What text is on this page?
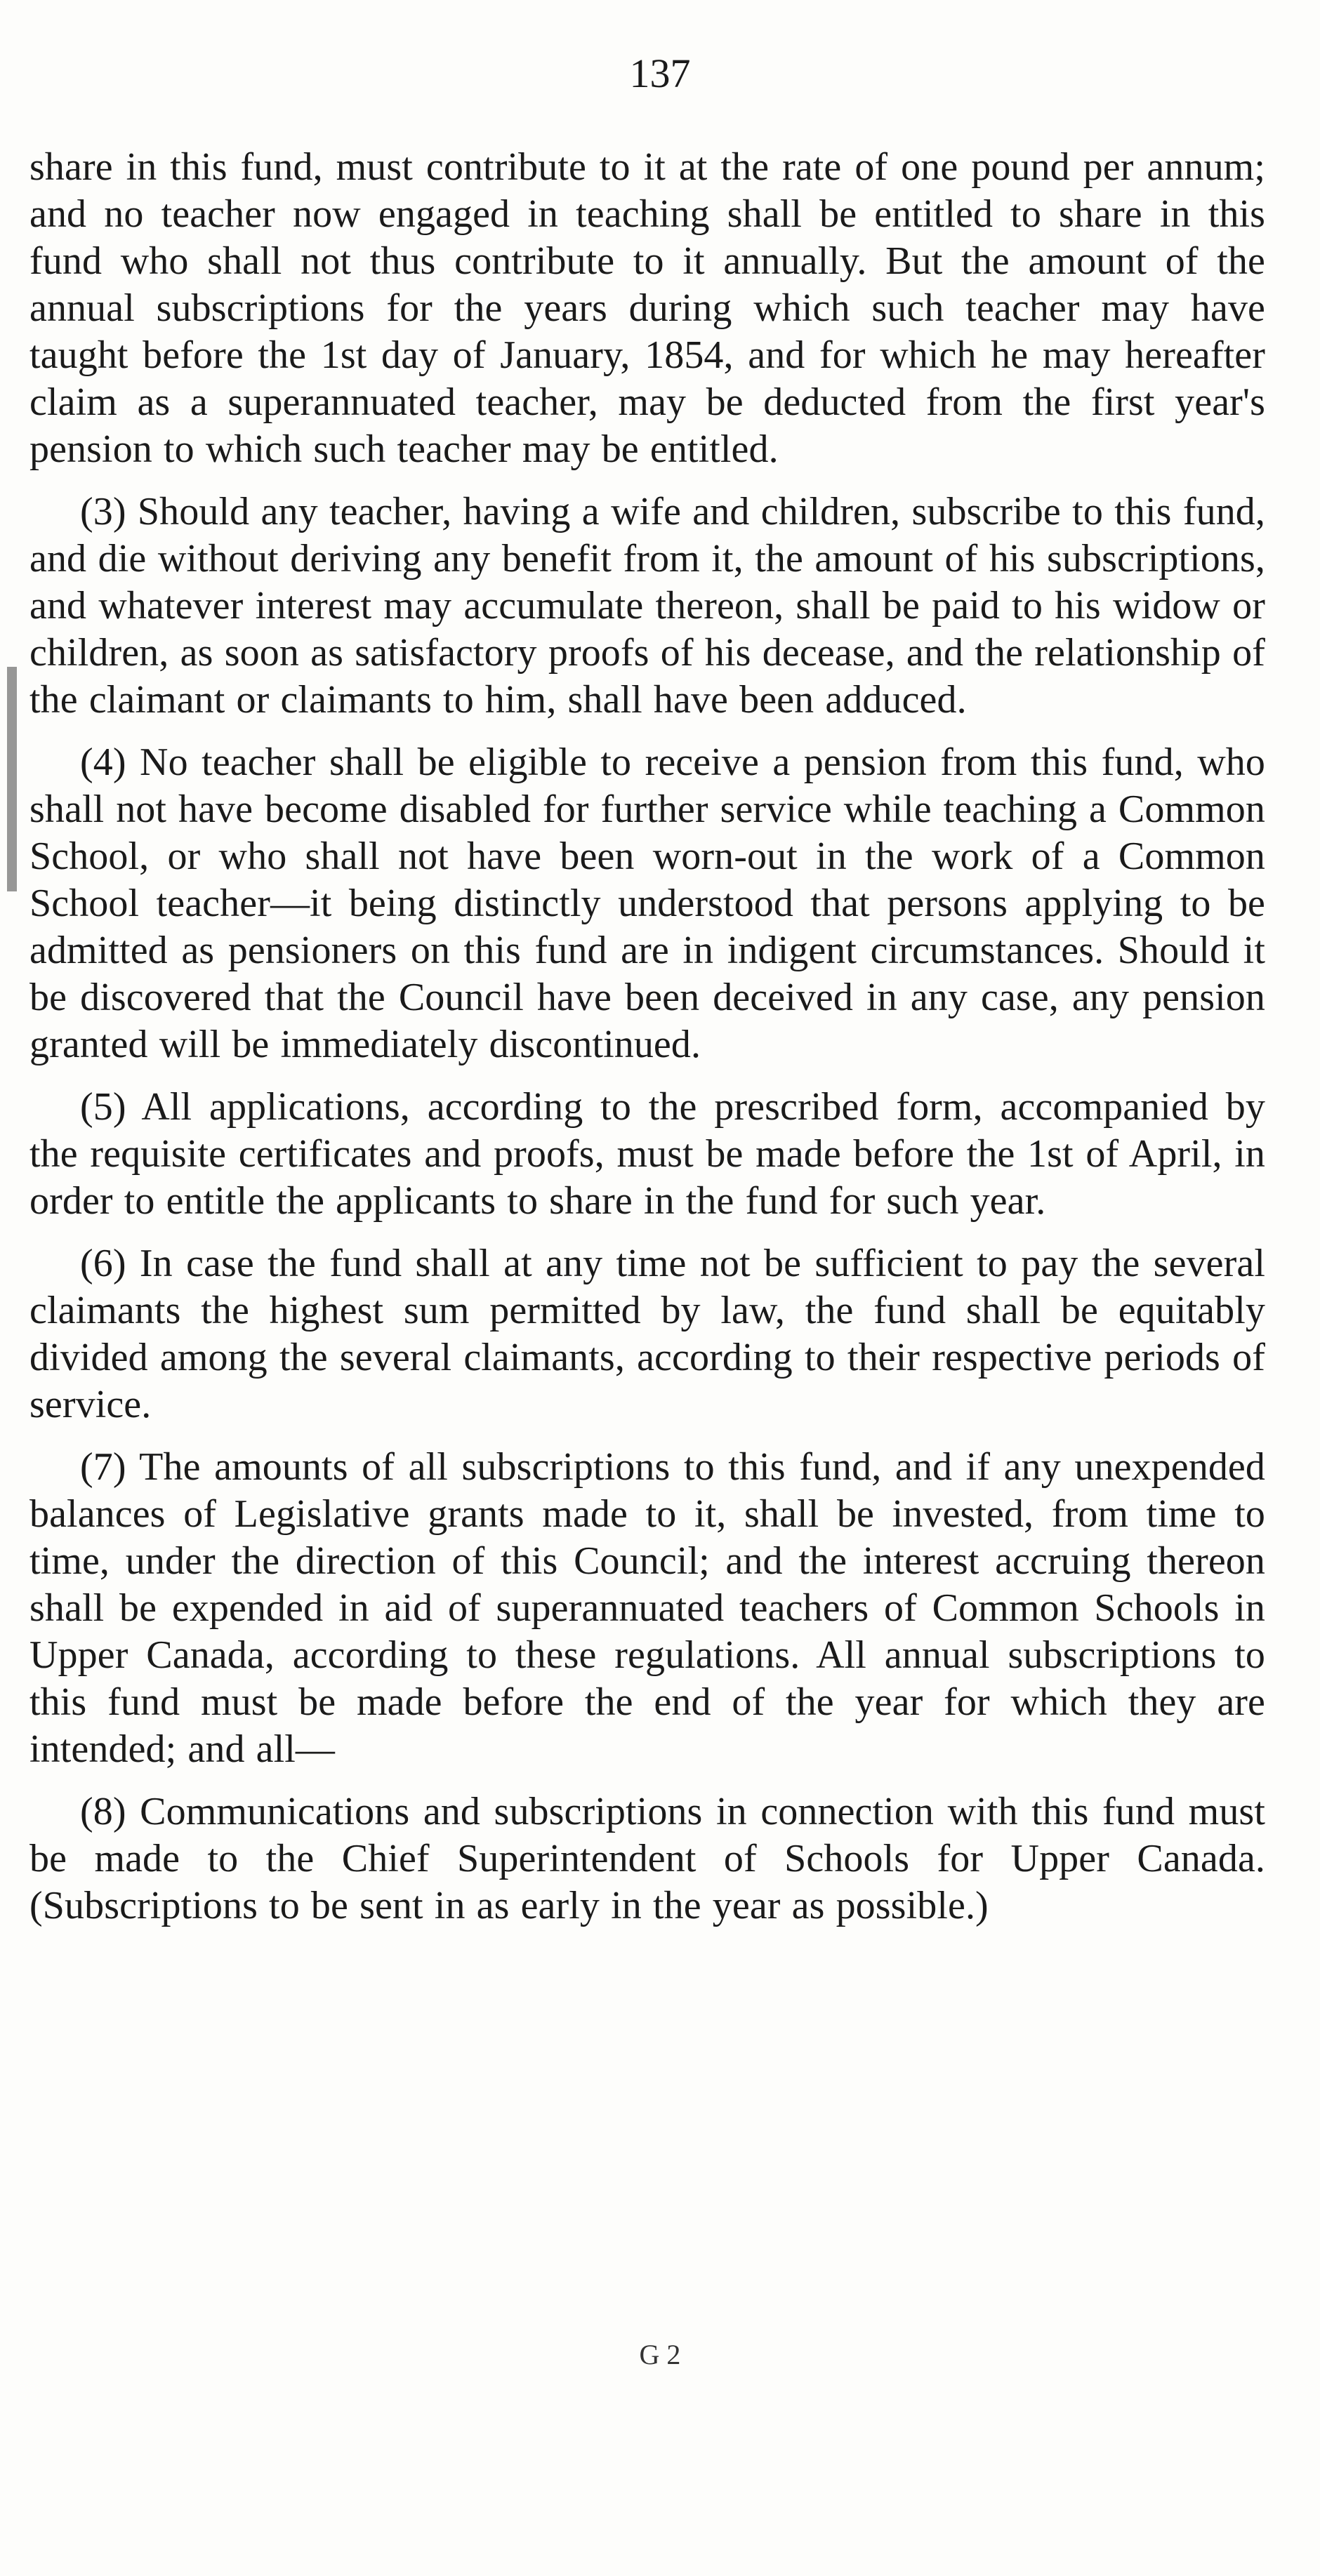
137

share in this fund, must contribute to it at the rate of one pound per annum; and no teacher now engaged in teaching shall be entitled to share in this fund who shall not thus contribute to it annually. But the amount of the annual subscriptions for the years during which such teacher may have taught before the 1st day of January, 1854, and for which he may hereafter claim as a superannuated teacher, may be deducted from the first year's pension to which such teacher may be entitled.

(3) Should any teacher, having a wife and children, subscribe to this fund, and die without deriving any benefit from it, the amount of his subscriptions, and whatever interest may accumulate thereon, shall be paid to his widow or children, as soon as satisfactory proofs of his decease, and the relationship of the claimant or claimants to him, shall have been adduced.

(4) No teacher shall be eligible to receive a pension from this fund, who shall not have become disabled for further service while teaching a Common School, or who shall not have been worn-out in the work of a Common School teacher—it being distinctly understood that persons applying to be admitted as pensioners on this fund are in indigent circumstances. Should it be discovered that the Council have been deceived in any case, any pension granted will be immediately discontinued.

(5) All applications, according to the prescribed form, accompanied by the requisite certificates and proofs, must be made before the 1st of April, in order to entitle the applicants to share in the fund for such year.

(6) In case the fund shall at any time not be sufficient to pay the several claimants the highest sum permitted by law, the fund shall be equitably divided among the several claimants, according to their respective periods of service.

(7) The amounts of all subscriptions to this fund, and if any unexpended balances of Legislative grants made to it, shall be invested, from time to time, under the direction of this Council; and the interest accruing thereon shall be expended in aid of superannuated teachers of Common Schools in Upper Canada, according to these regulations. All annual subscriptions to this fund must be made before the end of the year for which they are intended; and all—

(8) Communications and subscriptions in connection with this fund must be made to the Chief Superintendent of Schools for Upper Canada. (Subscriptions to be sent in as early in the year as possible.)

G 2
